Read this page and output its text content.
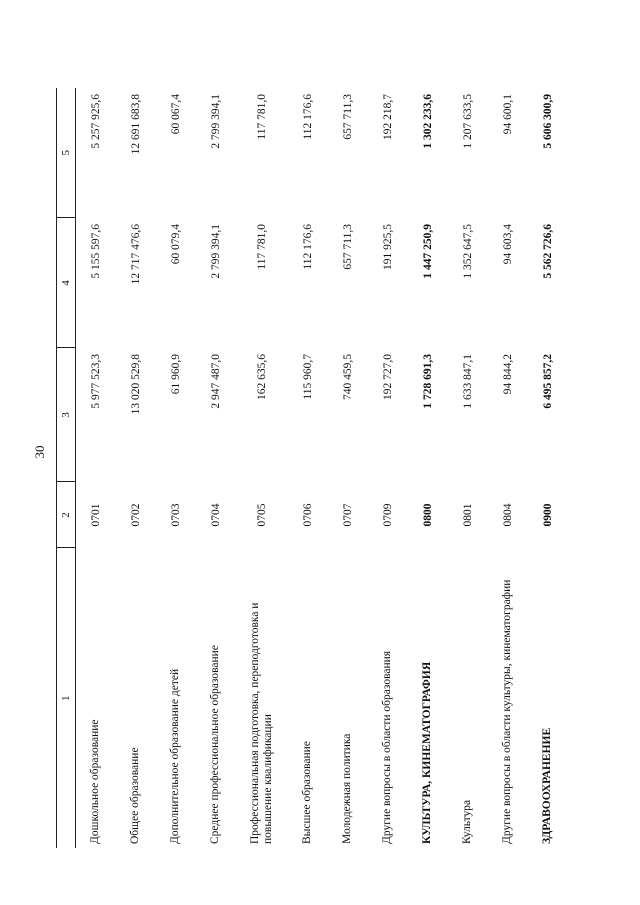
30
1	2	3	4	5
Дошкольное образование	0701	5 977 523,3	5 155 597,6	5 257 925,6
Общее образование	0702	13 020 529,8	12 717 476,6	12 691 683,8
Дополнительное образование детей	0703	61 960,9	60 079,4	60 067,4
Среднее профессиональное образование	0704	2 947 487,0	2 799 394,1	2 799 394,1
Профессиональная подготовка, переподготовка и повышение квалификации	0705	162 635,6	117 781,0	117 781,0
Высшее образование	0706	115 960,7	112 176,6	112 176,6
Молодежная политика	0707	740 459,5	657 711,3	657 711,3
Другие вопросы в области образования	0709	192 727,0	191 925,5	192 218,7
КУЛЬТУРА, КИНЕМАТОГРАФИЯ	0800	1 728 691,3	1 447 250,9	1 302 233,6
Культура	0801	1 633 847,1	1 352 647,5	1 207 633,5
Другие вопросы в области культуры, кинематографии	0804	94 844,2	94 603,4	94 600,1
ЗДРАВООХРАНЕНИЕ	0900	6 495 857,2	5 562 726,6	5 606 300,9
